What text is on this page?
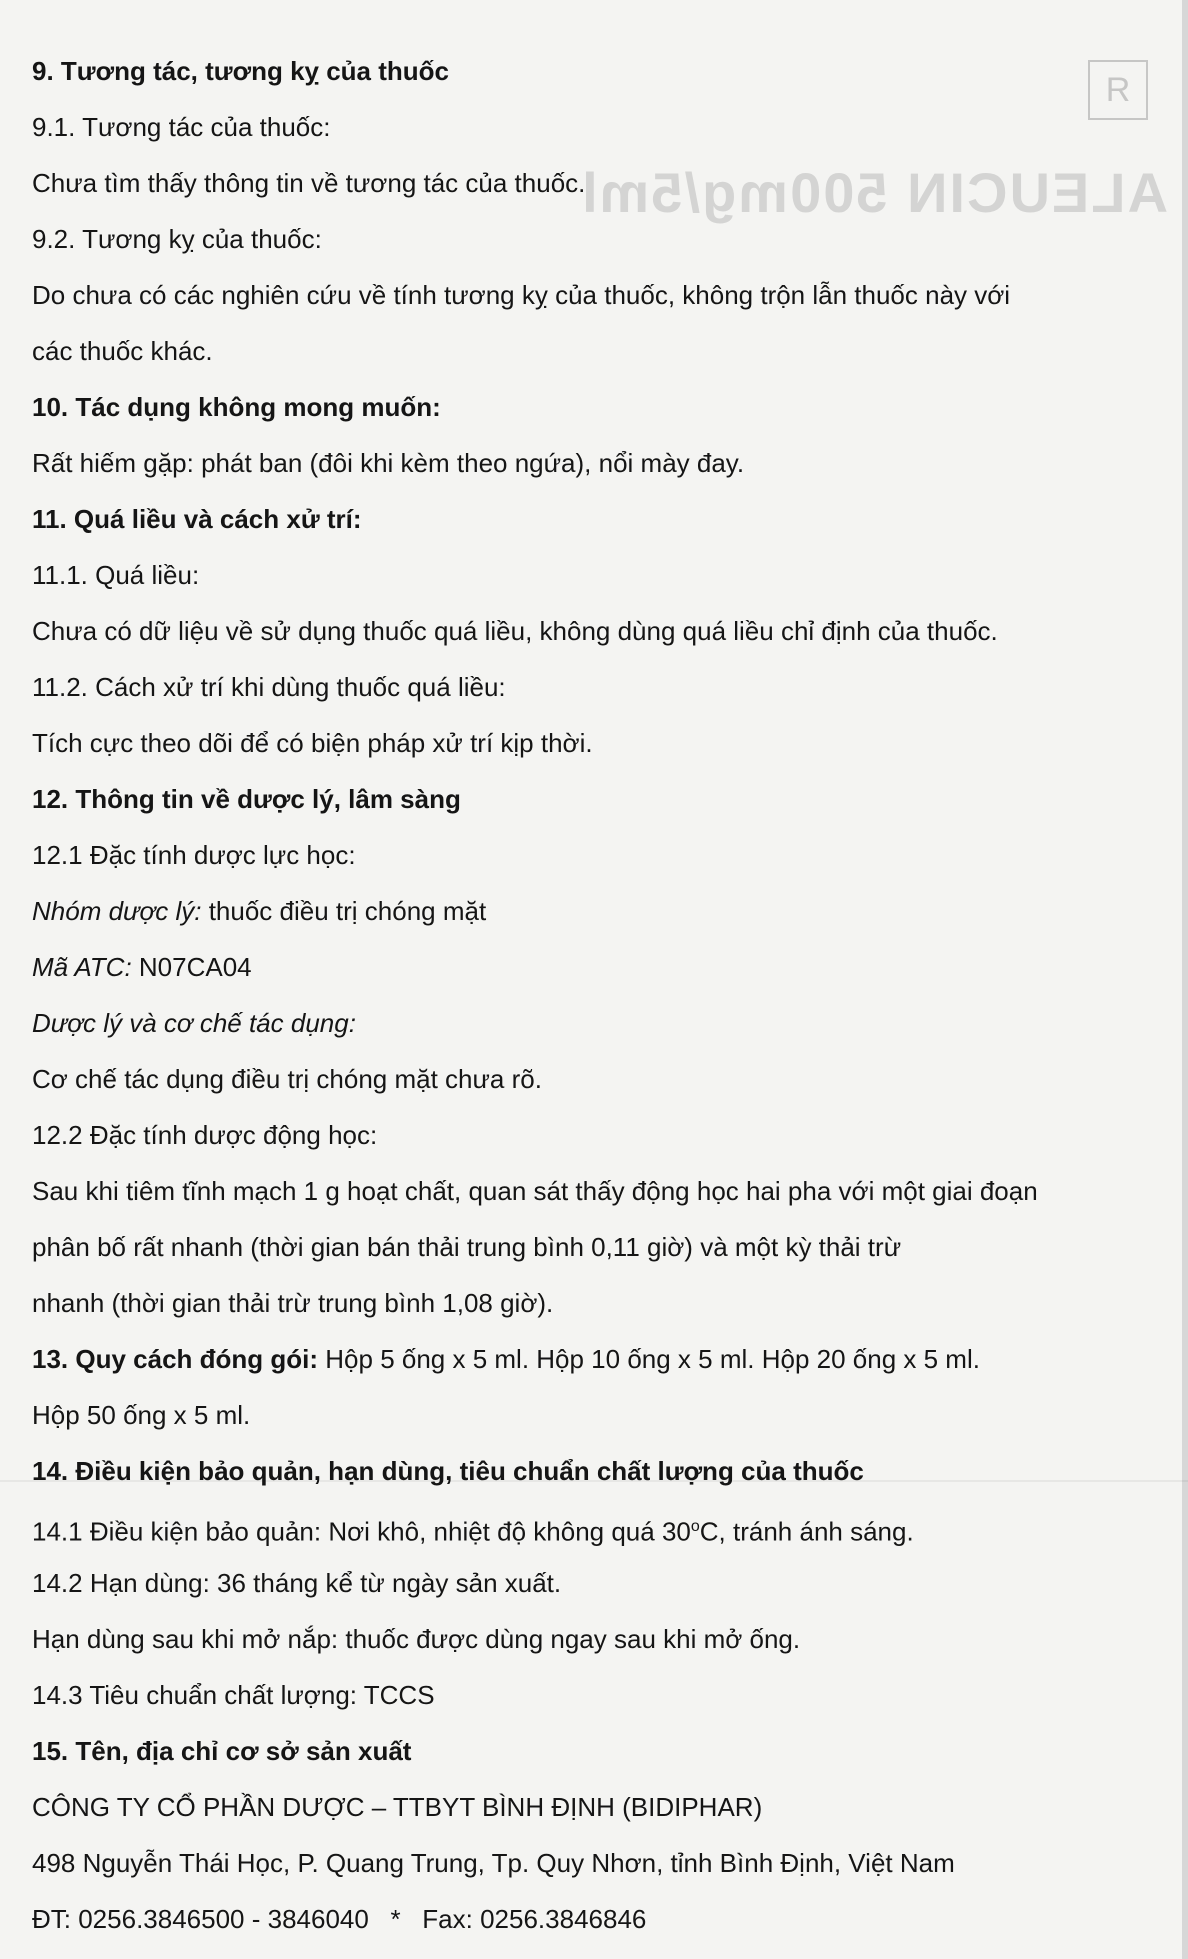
R
ALEUCIN 500mg/5ml
9. Tương tác, tương kỵ của thuốc
9.1. Tương tác của thuốc:
Chưa tìm thấy thông tin về tương tác của thuốc.
9.2. Tương kỵ của thuốc:
Do chưa có các nghiên cứu về tính tương kỵ của thuốc, không trộn lẫn thuốc này với
các thuốc khác.
10. Tác dụng không mong muốn:
Rất hiếm gặp: phát ban (đôi khi kèm theo ngứa), nổi mày đay.
11. Quá liều và cách xử trí:
11.1. Quá liều:
Chưa có dữ liệu về sử dụng thuốc quá liều, không dùng quá liều chỉ định của thuốc.
11.2. Cách xử trí khi dùng thuốc quá liều:
Tích cực theo dõi để có biện pháp xử trí kịp thời.
12. Thông tin về dược lý, lâm sàng
12.1 Đặc tính dược lực học:
Nhóm dược lý: thuốc điều trị chóng mặt
Mã ATC: N07CA04
Dược lý và cơ chế tác dụng:
Cơ chế tác dụng điều trị chóng mặt chưa rõ.
12.2 Đặc tính dược động học:
Sau khi tiêm tĩnh mạch 1 g hoạt chất, quan sát thấy động học hai pha với một giai đoạn
phân bố rất nhanh (thời gian bán thải trung bình 0,11 giờ) và một kỳ thải trừ
nhanh (thời gian thải trừ trung bình 1,08 giờ).
13. Quy cách đóng gói: Hộp 5 ống x 5 ml. Hộp 10 ống x 5 ml. Hộp 20 ống x 5 ml.
Hộp 50 ống x 5 ml.
14. Điều kiện bảo quản, hạn dùng, tiêu chuẩn chất lượng của thuốc
14.1 Điều kiện bảo quản: Nơi khô, nhiệt độ không quá 30$^o$C, tránh ánh sáng.
14.2 Hạn dùng: 36 tháng kể từ ngày sản xuất.
Hạn dùng sau khi mở nắp: thuốc được dùng ngay sau khi mở ống.
14.3 Tiêu chuẩn chất lượng: TCCS
15. Tên, địa chỉ cơ sở sản xuất
CÔNG TY CỔ PHẦN DƯỢC – TTBYT BÌNH ĐỊNH (BIDIPHAR)
498 Nguyễn Thái Học, P. Quang Trung, Tp. Quy Nhơn, tỉnh Bình Định, Việt Nam
ĐT: 0256.3846500 - 3846040   *   Fax: 0256.3846846
